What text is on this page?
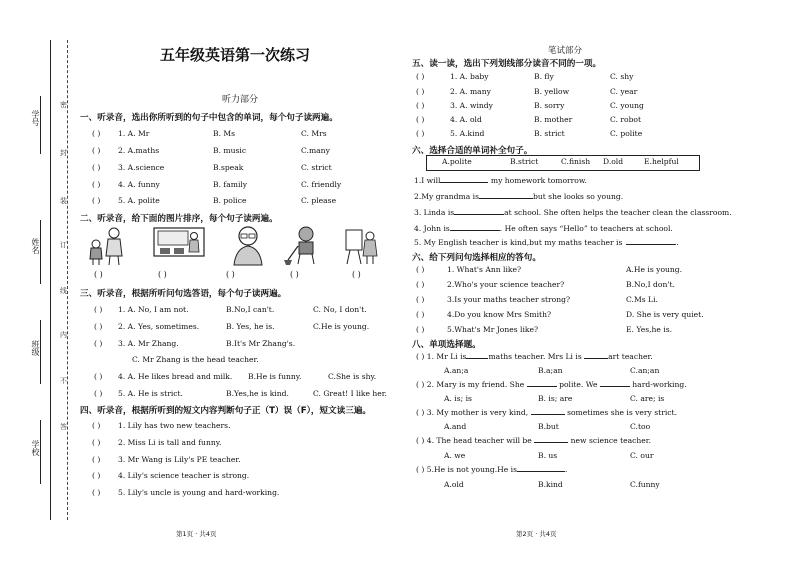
学号
姓名
班级
学校
密
封
装
订
线
内
不
答
五年级英语第一次练习
听力部分
一、听录音，选出你所听到的句子中包含的单词，每个句子读两遍。
( ) 1. A. Mr	B. Ms	C. Mrs
( ) 2. A.maths	B. music	C.many
( ) 3. A.science	B.speak	C. strict
( ) 4. A. funny	B. family	C. friendly
( ) 5. A. polite	B. police	C. please
二、听录音，给下面的图片排序，每个句子读两遍。
( )	( )	( )	( )	( )
三、听录音，根据所听问句选答语，每个句子读两遍。
( ) 1. A. No, I am not.	B.No,I can't.	C. No, I don't.
( ) 2. A. Yes, sometimes.	B. Yes, he is.	C.He is young.
( ) 3. A. Mr Zhang.	B.It's Mr Zhang's.
C. Mr Zhang is the head teacher.
( ) 4. A. He likes bread and milk. B.He is funny.	C.She is shy.
( ) 5. A. He is strict.	B.Yes,he is kind.	C. Great! I like her.
四、听录音，根据所听到的短文内容判断句子正（T）误（F），短文读三遍。
( ) 1. Lily has two new teachers.
( ) 2. Miss Li is tall and funny.
( ) 3. Mr Wang is Lily's PE teacher.
( ) 4. Lily's science teacher is strong.
( ) 5. Lily's uncle is young and hard-working.
第1页 · 共4页
笔试部分
五、读一读，选出下列划线部分读音不同的一项。
( )	1. A. baby	B. fly	C. shy
( )	2. A. many	B. yellow	C. year
( )	3. A. windy	B. sorry	C. young
( )	4. A. old	B. mother	C. robot
( )	5. A.kind	B. strict	C. polite
六、选择合适的单词补全句子。
A.polite	B.strict	C.finish D.old	E.helpful
1.I will	my homework tomorrow.
2.My grandma is	but she looks so young.
3. Linda is	at school. She often helps the teacher clean the classroom.
4. John is	. He often says “Hello” to teachers at school.
5. My English teacher is kind,but my maths teacher is	.
六、给下列问句选择相应的答句。
( )	1. What's Ann like?	A.He is young.
( )	2.Who's your science teacher?	B.No,I don't.
( )	3.Is your maths teacher strong?	C.Ms Li.
( )	4.Do you know Mrs Smith?	D. She is very quiet.
( )	5.What's Mr Jones like?	E. Yes,he is.
八、单项选择题。
( ) 1. Mr Li is	maths teacher. Mrs Li is	art teacher.
A.an;a	B.a;an	C.an;an
( ) 2. Mary is my friend. She	polite. We	hard-working.
A. is; is	B. is; are	C. are; is
( ) 3. My mother is very kind,	sometimes she is very strict.
A.and	B.but	C.too
( ) 4. The head teacher will be	new science teacher.
A. we	B. us	C. our
( ) 5.He is not young.He is	.
A.old	B.kind	C.funny
第2页 · 共4页
